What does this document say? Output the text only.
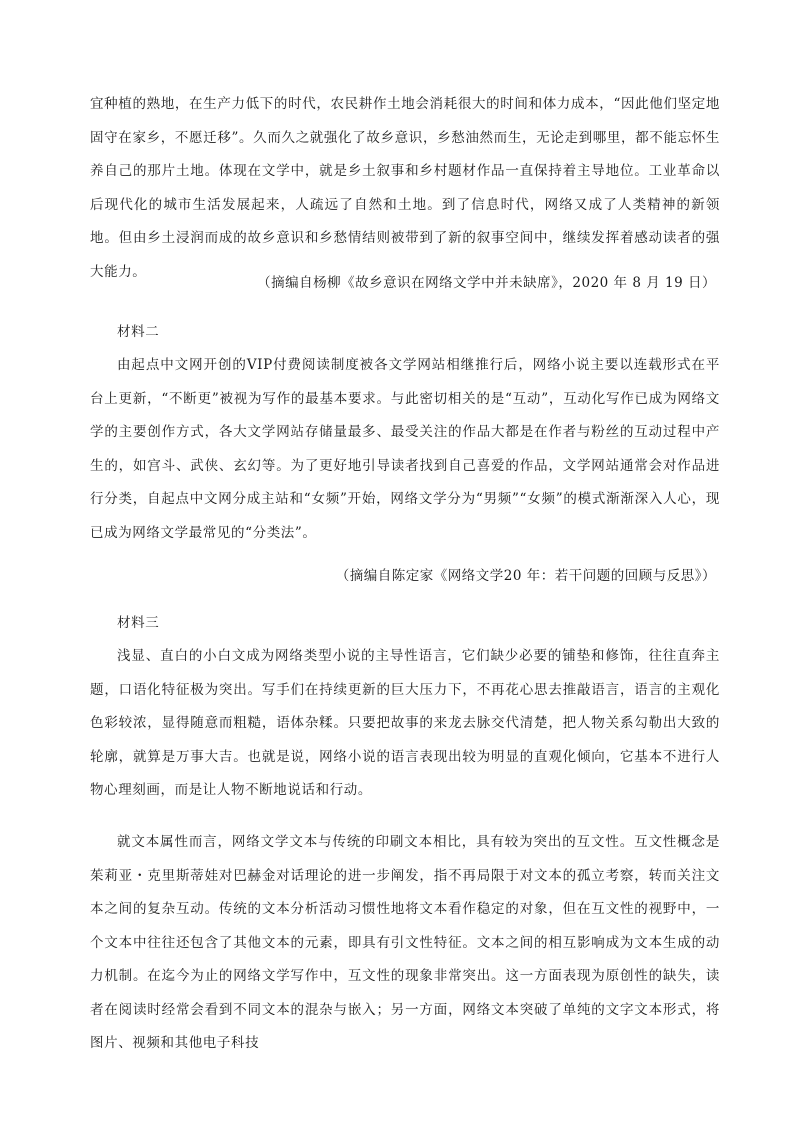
宜种植的熟地，在生产力低下的时代，农民耕作土地会消耗很大的时间和体力成本，“因此他们坚定地固守在家乡，不愿迁移”。久而久之就强化了故乡意识，乡愁油然而生，无论走到哪里，都不能忘怀生养自己的那片土地。体现在文学中，就是乡土叙事和乡村题材作品一直保持着主导地位。工业革命以后现代化的城市生活发展起来，人疏远了自然和土地。到了信息时代，网络又成了人类精神的新领地。但由乡土浸润而成的故乡意识和乡愁情结则被带到了新的叙事空间中，继续发挥着感动读者的强大能力。

（摘编自杨柳《故乡意识在网络文学中并未缺席》，2020 年 8 月 19 日）

材料二

由起点中文网开创的VIP付费阅读制度被各文学网站相继推行后，网络小说主要以连载形式在平台上更新，“不断更”被视为写作的最基本要求。与此密切相关的是“互动”，互动化写作已成为网络文学的主要创作方式，各大文学网站存储量最多、最受关注的作品大都是在作者与粉丝的互动过程中产生的，如宫斗、武侠、玄幻等。为了更好地引导读者找到自己喜爱的作品，文学网站通常会对作品进行分类，自起点中文网分成主站和“女频”开始，网络文学分为“男频”“女频”的模式渐渐深入人心，现已成为网络文学最常见的“分类法”。

（摘编自陈定家《网络文学20 年：若干问题的回顾与反思》）

材料三

浅显、直白的小白文成为网络类型小说的主导性语言，它们缺少必要的铺垫和修饰，往往直奔主题，口语化特征极为突出。写手们在持续更新的巨大压力下，不再花心思去推敲语言，语言的主观化色彩较浓，显得随意而粗糙，语体杂糅。只要把故事的来龙去脉交代清楚，把人物关系勾勒出大致的轮廓，就算是万事大吉。也就是说，网络小说的语言表现出较为明显的直观化倾向，它基本不进行人物心理刻画，而是让人物不断地说话和行动。

就文本属性而言，网络文学文本与传统的印刷文本相比，具有较为突出的互文性。互文性概念是茱莉亚・克里斯蒂娃对巴赫金对话理论的进一步阐发，指不再局限于对文本的孤立考察，转而关注文本之间的复杂互动。传统的文本分析活动习惯性地将文本看作稳定的对象，但在互文性的视野中，一个文本中往往还包含了其他文本的元素，即具有引文性特征。文本之间的相互影响成为文本生成的动力机制。在迄今为止的网络文学写作中，互文性的现象非常突出。这一方面表现为原创性的缺失，读者在阅读时经常会看到不同文本的混杂与嵌入；另一方面，网络文本突破了单纯的文字文本形式，将图片、视频和其他电子科技
